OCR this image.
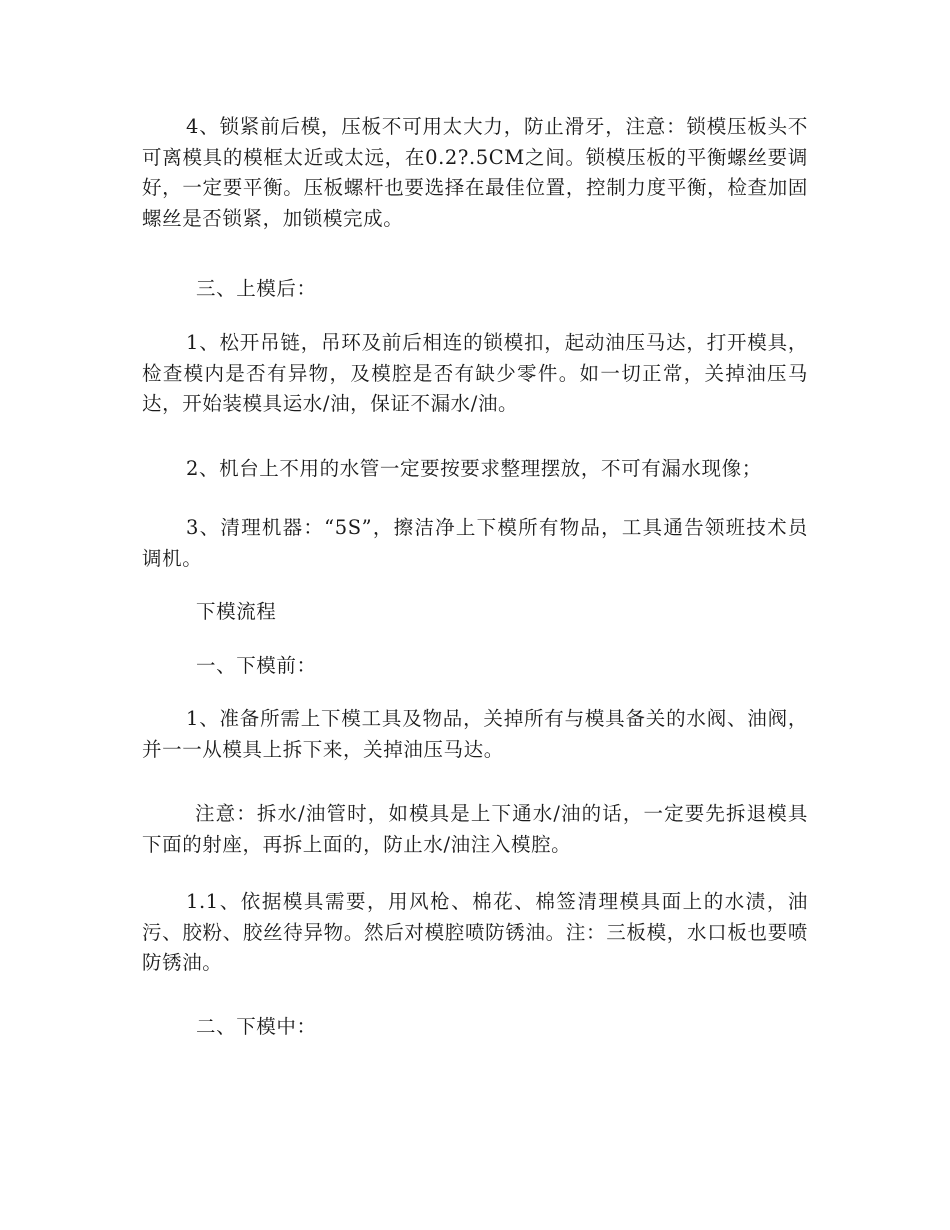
4、锁紧前后模，压板不可用太大力，防止滑牙，注意：锁模压板头不可离模具的模框太近或太远，在0.2?.5CM之间。锁模压板的平衡螺丝要调好，一定要平衡。压板螺杆也要选择在最佳位置，控制力度平衡，检查加固螺丝是否锁紧，加锁模完成。

三、上模后：

1、松开吊链，吊环及前后相连的锁模扣，起动油压马达，打开模具，检查模内是否有异物，及模腔是否有缺少零件。如一切正常，关掉油压马达，开始装模具运水/油，保证不漏水/油。

2、机台上不用的水管一定要按要求整理摆放，不可有漏水现像；

3、清理机器：“5S”，擦洁净上下模所有物品，工具通告领班技术员调机。

下模流程

一、下模前：

1、准备所需上下模工具及物品，关掉所有与模具备关的水阀、油阀，并一一从模具上拆下来，关掉油压马达。

注意：拆水/油管时，如模具是上下通水/油的话，一定要先拆退模具下面的射座，再拆上面的，防止水/油注入模腔。

1.1、依据模具需要，用风枪、棉花、棉签清理模具面上的水渍，油污、胶粉、胶丝待异物。然后对模腔喷防锈油。注：三板模，水口板也要喷防锈油。

二、下模中：
